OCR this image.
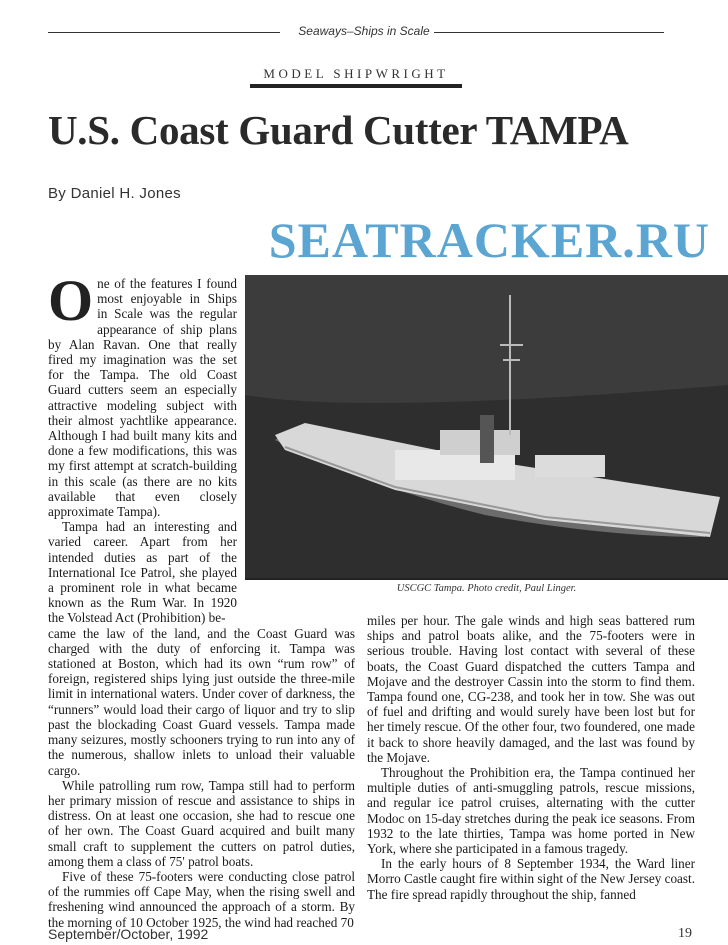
Seaways–Ships in Scale
MODEL SHIPWRIGHT
U.S. Coast Guard Cutter TAMPA
By Daniel H. Jones
SEATRACKER.RU

One of the features I found most enjoyable in Ships in Scale was the regular appearance of ship plans by Alan Ravan. One that really fired my imagination was the set for the Tampa. The old Coast Guard cutters seem an especially attractive modeling subject with their almost yachtlike appearance. Although I had built many kits and done a few modifications, this was my first attempt at scratch-building in this scale (as there are no kits available that even closely approximate Tampa).

Tampa had an interesting and varied career. Apart from her intended duties as part of the International Ice Patrol, she played a prominent role in what became known as the Rum War. In 1920 the Volstead Act (Prohibition) be-

came the law of the land, and the Coast Guard was charged with the duty of enforcing it. Tampa was stationed at Boston, which had its own “rum row” of foreign, registered ships lying just outside the three-mile limit in international waters. Under cover of darkness, the “runners” would load their cargo of liquor and try to slip past the blockading Coast Guard vessels. Tampa made many seizures, mostly schooners trying to run into any of the numerous, shallow inlets to unload their valuable cargo.

While patrolling rum row, Tampa still had to perform her primary mission of rescue and assistance to ships in distress. On at least one occasion, she had to rescue one of her own. The Coast Guard acquired and built many small craft to supplement the cutters on patrol duties, among them a class of 75' patrol boats.

Five of these 75-footers were conducting close patrol of the rummies off Cape May, when the rising swell and freshening wind announced the approach of a storm. By the morning of 10 October 1925, the wind had reached 70

USCGC Tampa. Photo credit, Paul Linger.

miles per hour. The gale winds and high seas battered rum ships and patrol boats alike, and the 75-footers were in serious trouble. Having lost contact with several of these boats, the Coast Guard dispatched the cutters Tampa and Mojave and the destroyer Cassin into the storm to find them. Tampa found one, CG-238, and took her in tow. She was out of fuel and drifting and would surely have been lost but for her timely rescue. Of the other four, two foundered, one made it back to shore heavily damaged, and the last was found by the Mojave.

Throughout the Prohibition era, the Tampa continued her multiple duties of anti-smuggling patrols, rescue missions, and regular ice patrol cruises, alternating with the cutter Modoc on 15-day stretches during the peak ice seasons. From 1932 to the late thirties, Tampa was home ported in New York, where she participated in a famous tragedy.

In the early hours of 8 September 1934, the Ward liner Morro Castle caught fire within sight of the New Jersey coast. The fire spread rapidly throughout the ship, fanned

September/October, 1992	19
